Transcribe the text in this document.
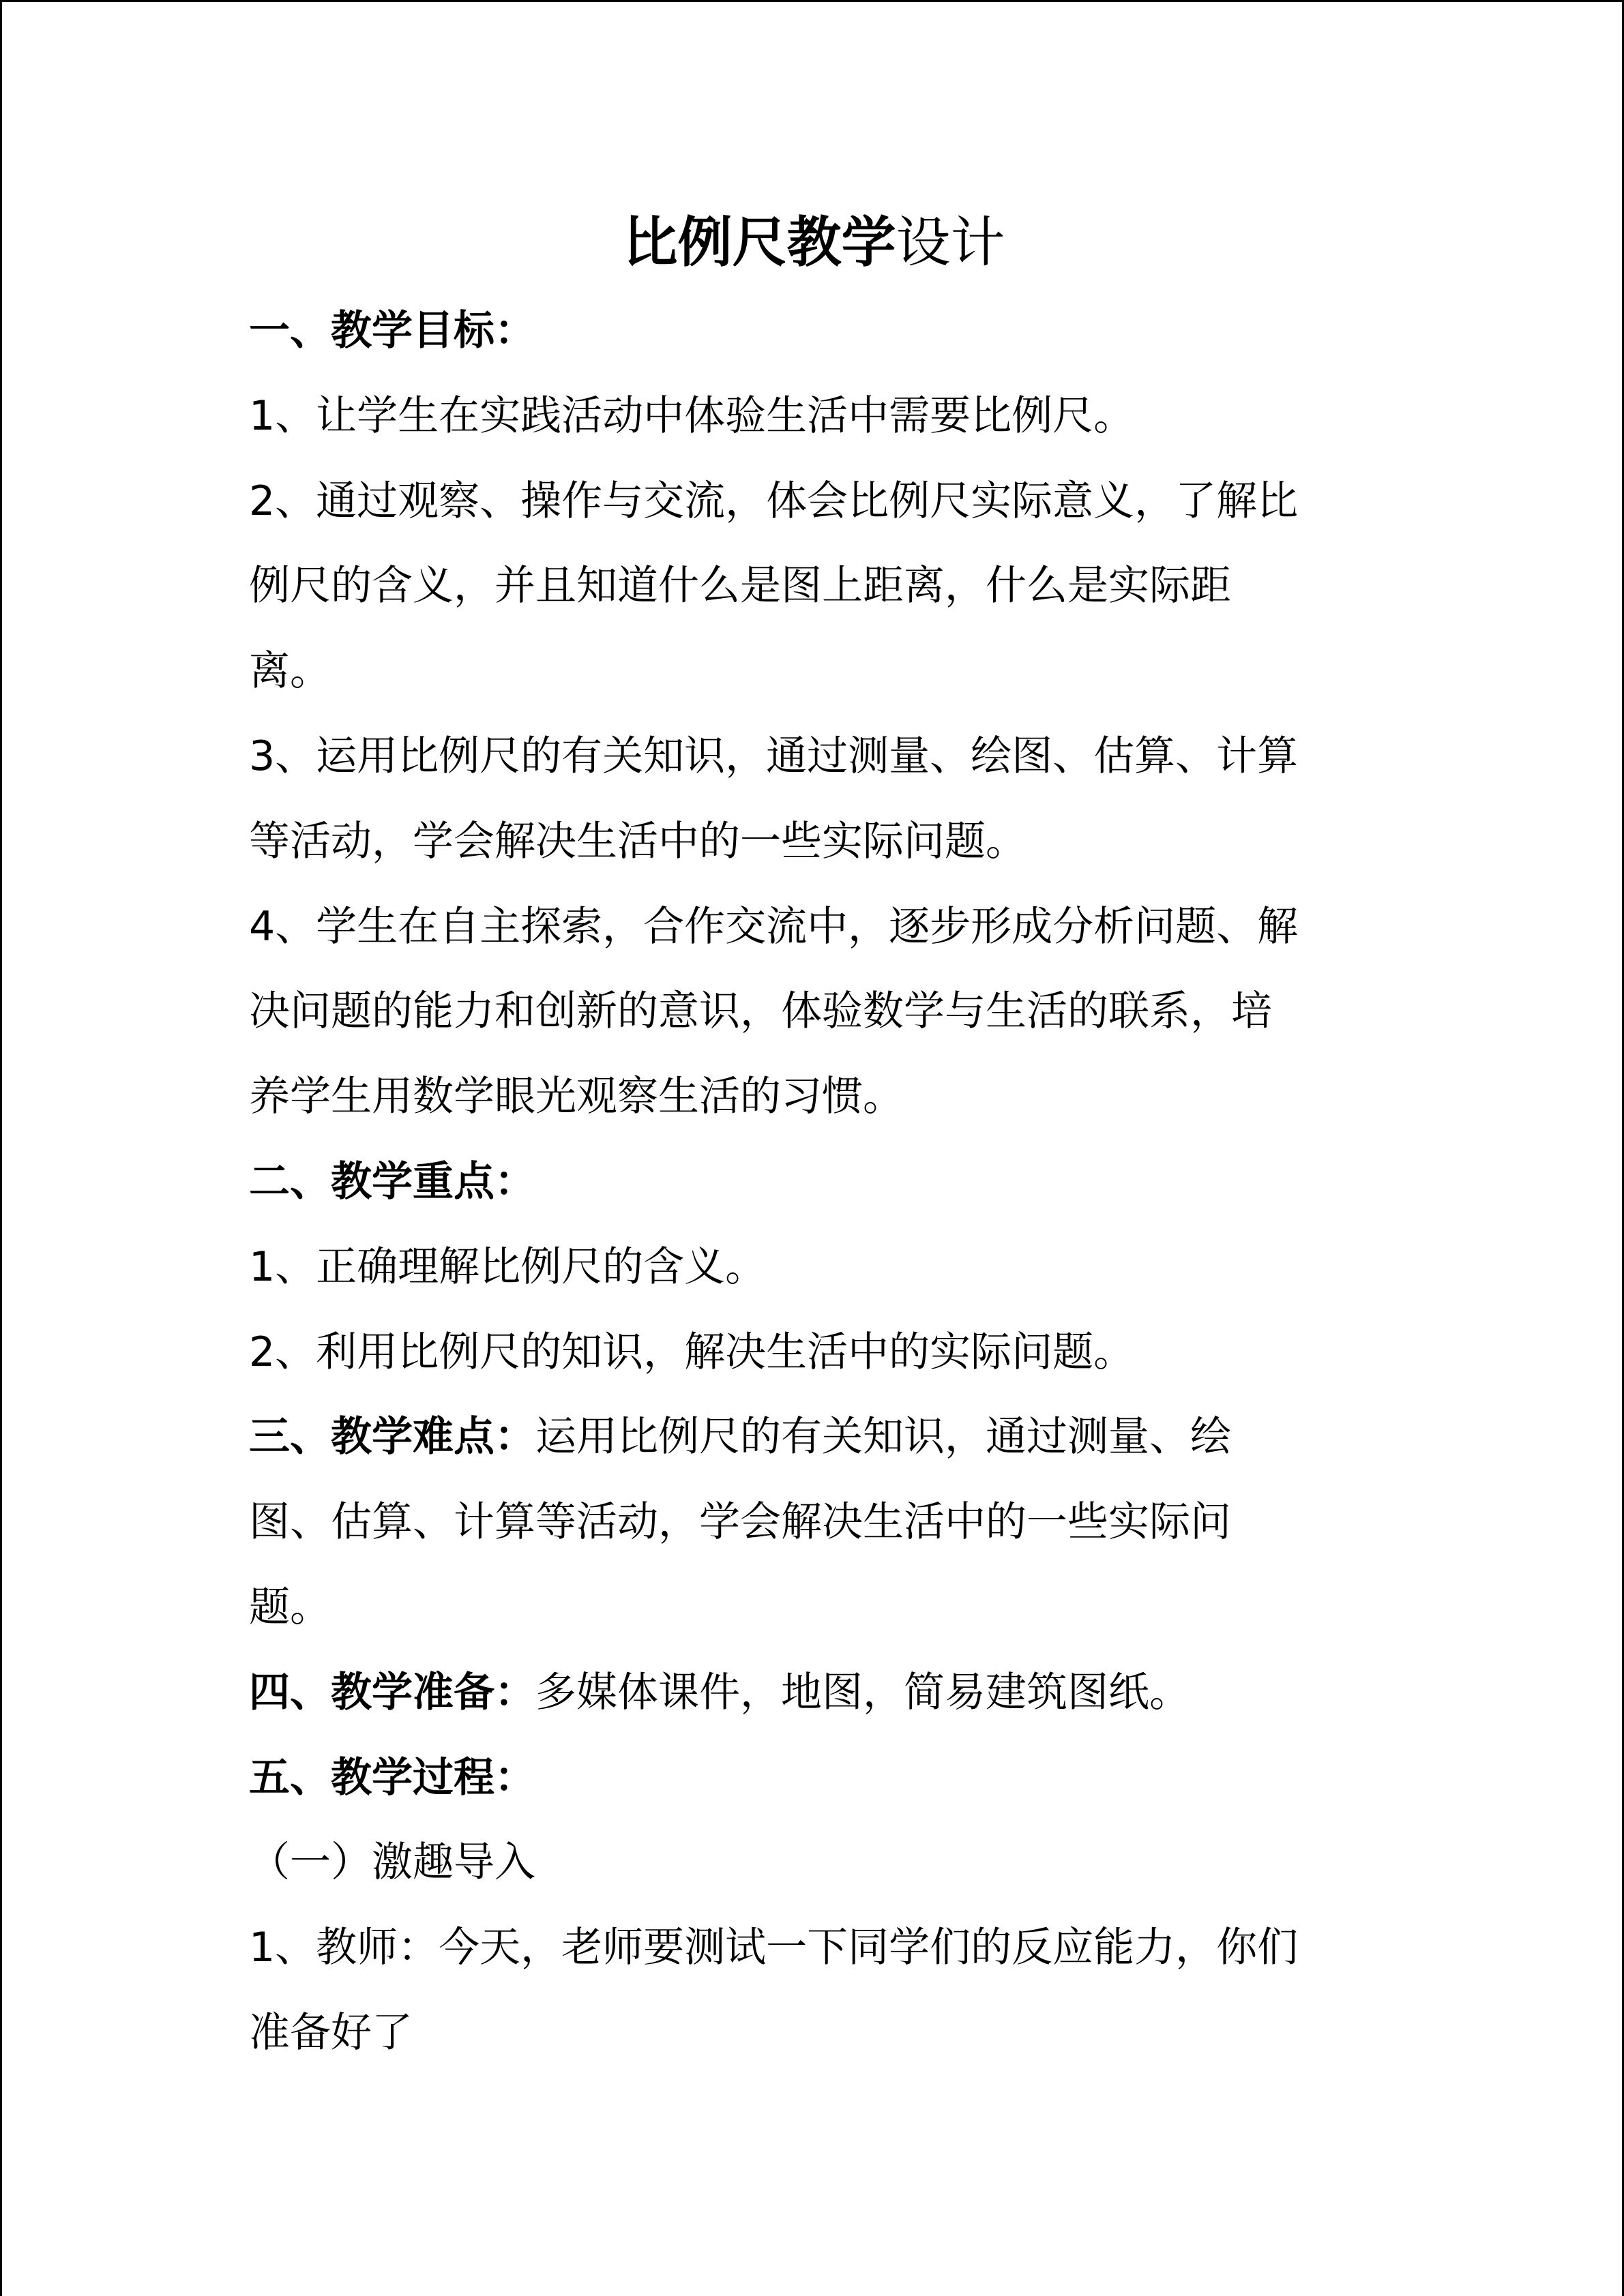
比例尺教学设计
一、教学目标：
1、让学生在实践活动中体验生活中需要比例尺。
2、通过观察、操作与交流，体会比例尺实际意义，了解比
例尺的含义，并且知道什么是图上距离，什么是实际距
离。
3、运用比例尺的有关知识，通过测量、绘图、估算、计算
等活动，学会解决生活中的一些实际问题。
4、学生在自主探索，合作交流中，逐步形成分析问题、解
决问题的能力和创新的意识，体验数学与生活的联系，培
养学生用数学眼光观察生活的习惯。
二、教学重点：
1、正确理解比例尺的含义。
2、利用比例尺的知识，解决生活中的实际问题。
三、教学难点：运用比例尺的有关知识，通过测量、绘
图、估算、计算等活动，学会解决生活中的一些实际问
题。
四、教学准备：多媒体课件，地图，简易建筑图纸。
五、教学过程：
（一）激趣导入
1、教师：今天，老师要测试一下同学们的反应能力，你们
准备好了
